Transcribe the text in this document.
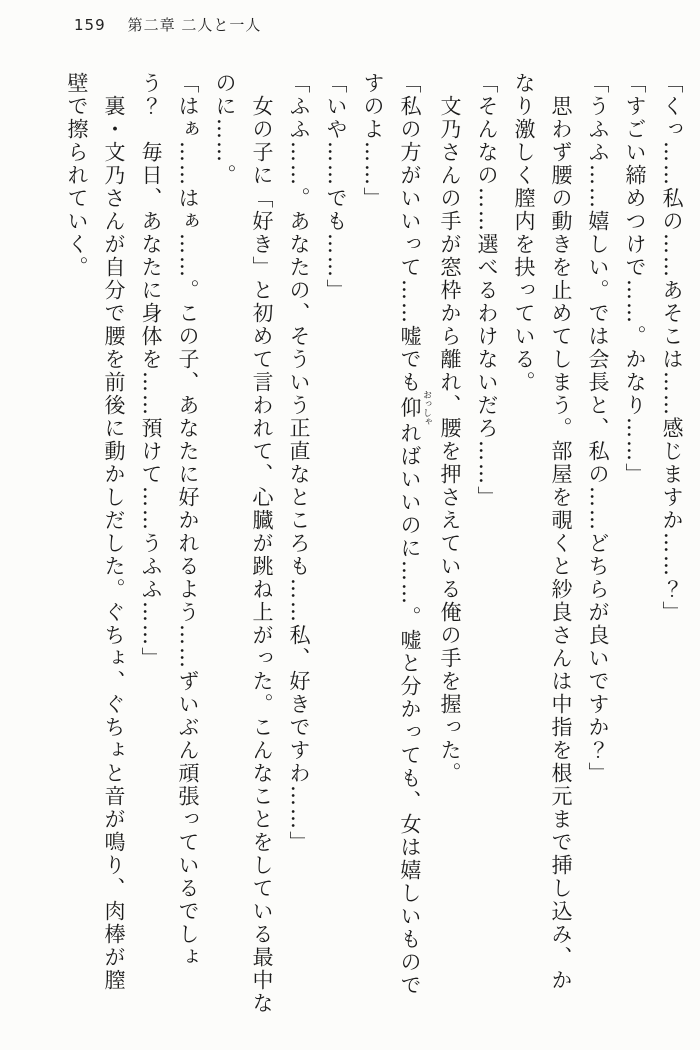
159 第二章 二人と一人

「くっ……私の……あそこは……感じますか……？」

「すごい締めつけで……。かなり……」

「うふふ……嬉しい。では会長と、私の……どちらが良いですか？」

思わず腰の動きを止めてしまう。部屋を覗くと紗良さんは中指を根元まで挿し込み、か

なり激しく膣内を抉っている。

「そんなの……選べるわけないだろ……」

文乃さんの手が窓枠から離れ、腰を押さえている俺の手を握った。

「私の方がいいって……嘘でも仰 おっしゃればいいのに……。嘘と分かっても、女は嬉しいもので

すのよ……」

「いや……でも……」

「ふふ……。あなたの、そういう正直なところも……私、好きですわ……」

女の子に「好き」と初めて言われて、心臓が跳ね上がった。こんなことをしている最中な

のに……。

「はぁ……はぁ……。この子、あなたに好かれるよう……ずいぶん頑張っているでしょ

う？　毎日、あなたに身体を……預けて……うふふ……」

裏・文乃さんが自分で腰を前後に動かしだした。ぐちょ、ぐちょと音が鳴り、肉棒が膣

壁で擦られていく。
